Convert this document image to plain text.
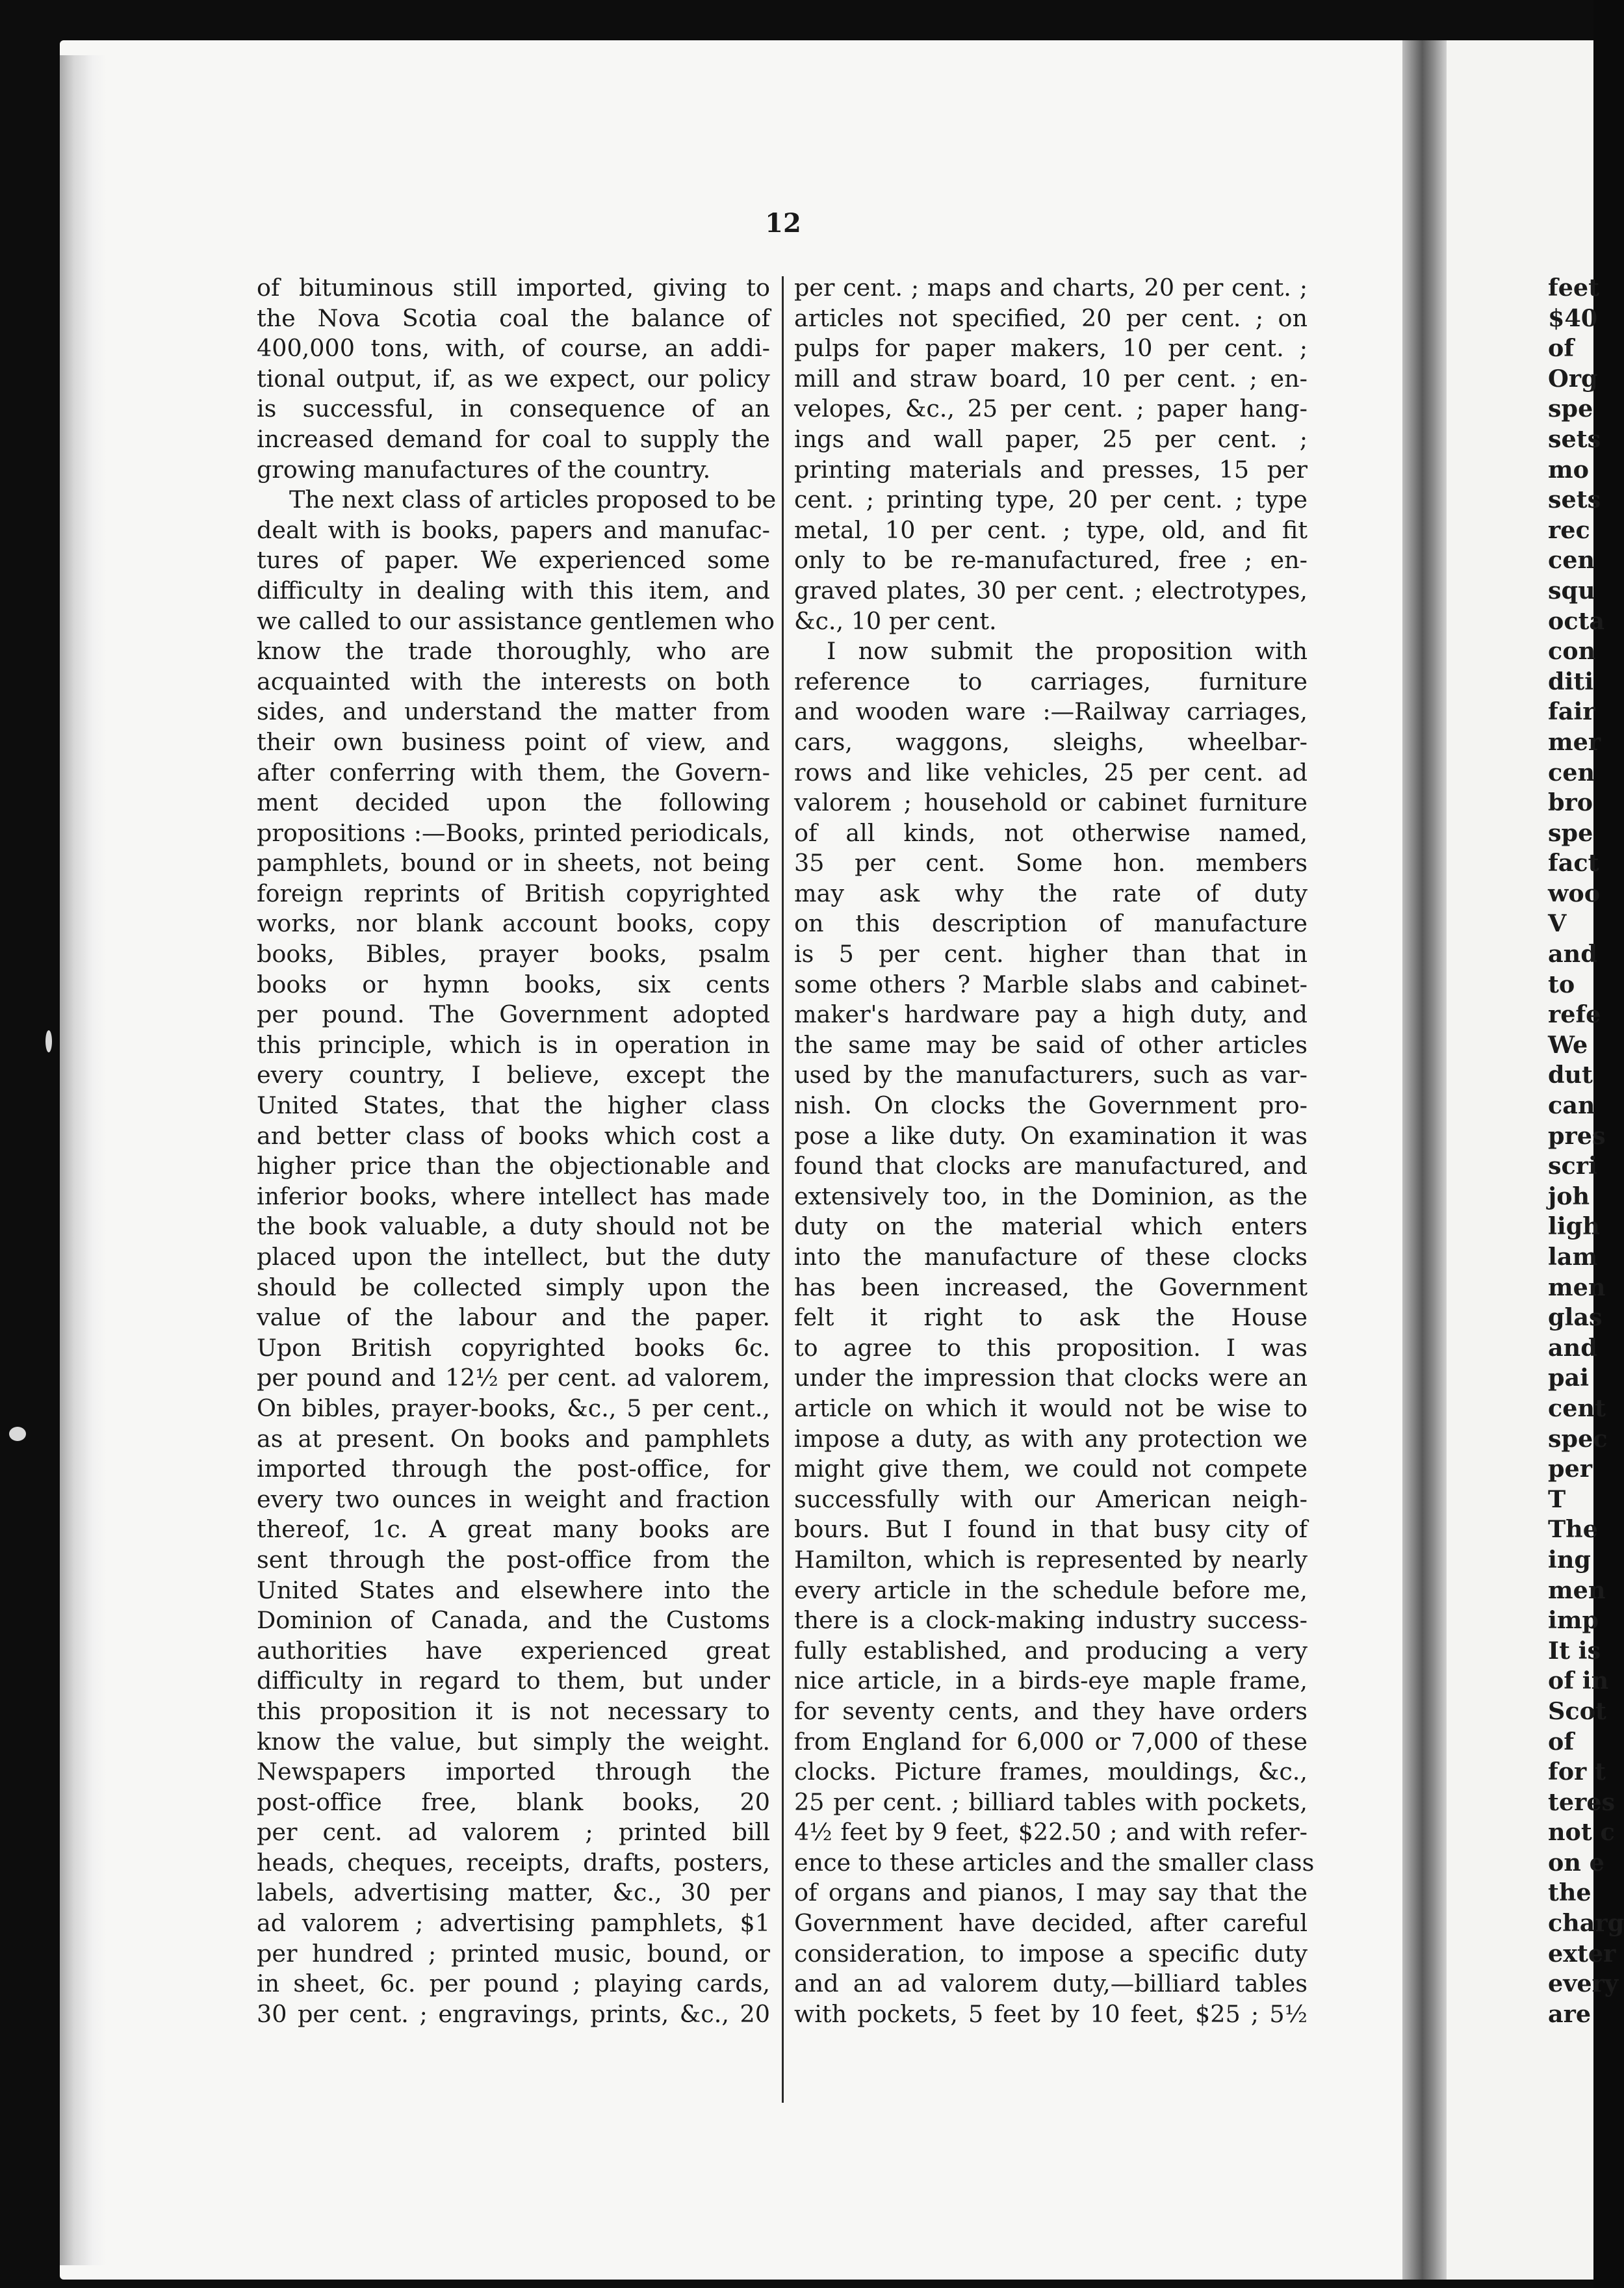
12
of bituminous still imported, giving to
the Nova Scotia coal the balance of
400,000 tons, with, of course, an addi-
tional output, if, as we expect, our policy
is successful, in consequence of an
increased demand for coal to supply the
growing manufactures of the country.
The next class of articles proposed to be
dealt with is books, papers and manufac-
tures of paper. We experienced some
difficulty in dealing with this item, and
we called to our assistance gentlemen who
know the trade thoroughly, who are
acquainted with the interests on both
sides, and understand the matter from
their own business point of view, and
after conferring with them, the Govern-
ment decided upon the following
propositions :—Books, printed periodicals,
pamphlets, bound or in sheets, not being
foreign reprints of British copyrighted
works, nor blank account books, copy
books, Bibles, prayer books, psalm
books or hymn books, six cents
per pound. The Government adopted
this principle, which is in operation in
every country, I believe, except the
United States, that the higher class
and better class of books which cost a
higher price than the objectionable and
inferior books, where intellect has made
the book valuable, a duty should not be
placed upon the intellect, but the duty
should be collected simply upon the
value of the labour and the paper.
Upon British copyrighted books 6c.
per pound and 12½ per cent. ad valorem,
On bibles, prayer-books, &c., 5 per cent.,
as at present. On books and pamphlets
imported through the post-office, for
every two ounces in weight and fraction
thereof, 1c. A great many books are
sent through the post-office from the
United States and elsewhere into the
Dominion of Canada, and the Customs
authorities have experienced great
difficulty in regard to them, but under
this proposition it is not necessary to
know the value, but simply the weight.
Newspapers imported through the
post-office free, blank books, 20
per cent. ad valorem ; printed bill
heads, cheques, receipts, drafts, posters,
labels, advertising matter, &c., 30 per
ad valorem ; advertising pamphlets, $1
per hundred ; printed music, bound, or
in sheet, 6c. per pound ; playing cards,
30 per cent. ; engravings, prints, &c., 20
per cent. ; maps and charts, 20 per cent. ;
articles not specified, 20 per cent. ; on
pulps for paper makers, 10 per cent. ;
mill and straw board, 10 per cent. ; en-
velopes, &c., 25 per cent. ; paper hang-
ings and wall paper, 25 per cent. ;
printing materials and presses, 15 per
cent. ; printing type, 20 per cent. ; type
metal, 10 per cent. ; type, old, and fit
only to be re-manufactured, free ; en-
graved plates, 30 per cent. ; electrotypes,
&c., 10 per cent.
I now submit the proposition with
reference to carriages, furniture
and wooden ware :—Railway carriages,
cars, waggons, sleighs, wheelbar-
rows and like vehicles, 25 per cent. ad
valorem ; household or cabinet furniture
of all kinds, not otherwise named,
35 per cent. Some hon. members
may ask why the rate of duty
on this description of manufacture
is 5 per cent. higher than that in
some others ? Marble slabs and cabinet-
maker's hardware pay a high duty, and
the same may be said of other articles
used by the manufacturers, such as var-
nish. On clocks the Government pro-
pose a like duty. On examination it was
found that clocks are manufactured, and
extensively too, in the Dominion, as the
duty on the material which enters
into the manufacture of these clocks
has been increased, the Government
felt it right to ask the House
to agree to this proposition. I was
under the impression that clocks were an
article on which it would not be wise to
impose a duty, as with any protection we
might give them, we could not compete
successfully with our American neigh-
bours. But I found in that busy city of
Hamilton, which is represented by nearly
every article in the schedule before me,
there is a clock-making industry success-
fully established, and producing a very
nice article, in a birds-eye maple frame,
for seventy cents, and they have orders
from England for 6,000 or 7,000 of these
clocks. Picture frames, mouldings, &c.,
25 per cent. ; billiard tables with pockets,
4½ feet by 9 feet, $22.50 ; and with refer-
ence to these articles and the smaller class
of organs and pianos, I may say that the
Government have decided, after careful
consideration, to impose a specific duty
and an ad valorem duty,—billiard tables
with pockets, 5 feet by 10 feet, $25 ; 5½
feet
$40
of
Org
spe
sets
mo
sets
rec
cen
squ
octa
con
diti
fair
mer
cen
bro
spe
fact
woo
V
and
to
refe
We
dut
can
pres
scri
joh
ligh
lam
men
glas
and
pai
cent
spec
per
T
The
ing
men
imp
It is
of in
Scot
of
for t
teres
not c
on e
the
charg
exter
every
are
